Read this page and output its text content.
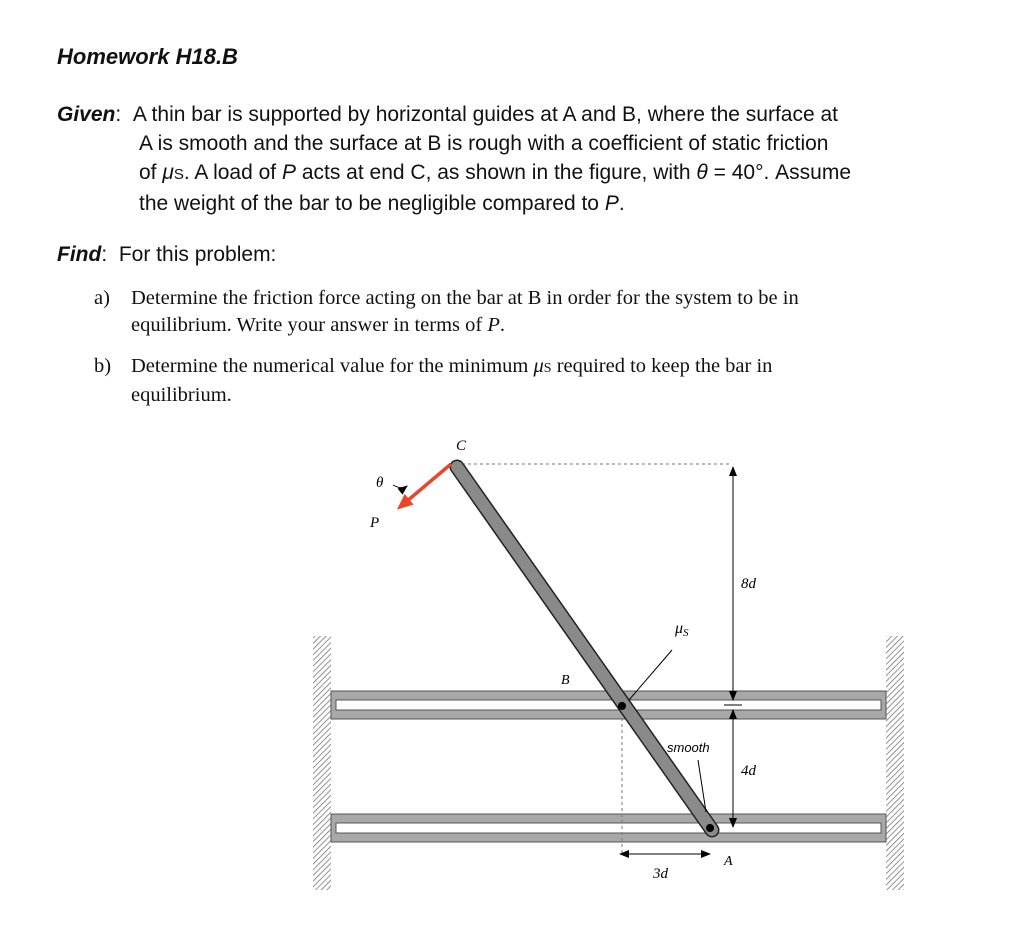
Homework H18.B
Given:  A thin bar is supported by horizontal guides at A and B, where the surface at
A is smooth and the surface at B is rough with a coefficient of static friction
of μS. A load of P acts at end C, as shown in the figure, with θ = 40°. Assume
the weight of the bar to be negligible compared to P.
Find:  For this problem:
a)	Determine the friction force acting on the bar at B in order for the system to be in
equilibrium. Write your answer in terms of P.
b) Determine the numerical value for the minimum μS required to keep the bar in
equilibrium.
C
θ
P
8d
μS
B
smooth
4d
A
3d
